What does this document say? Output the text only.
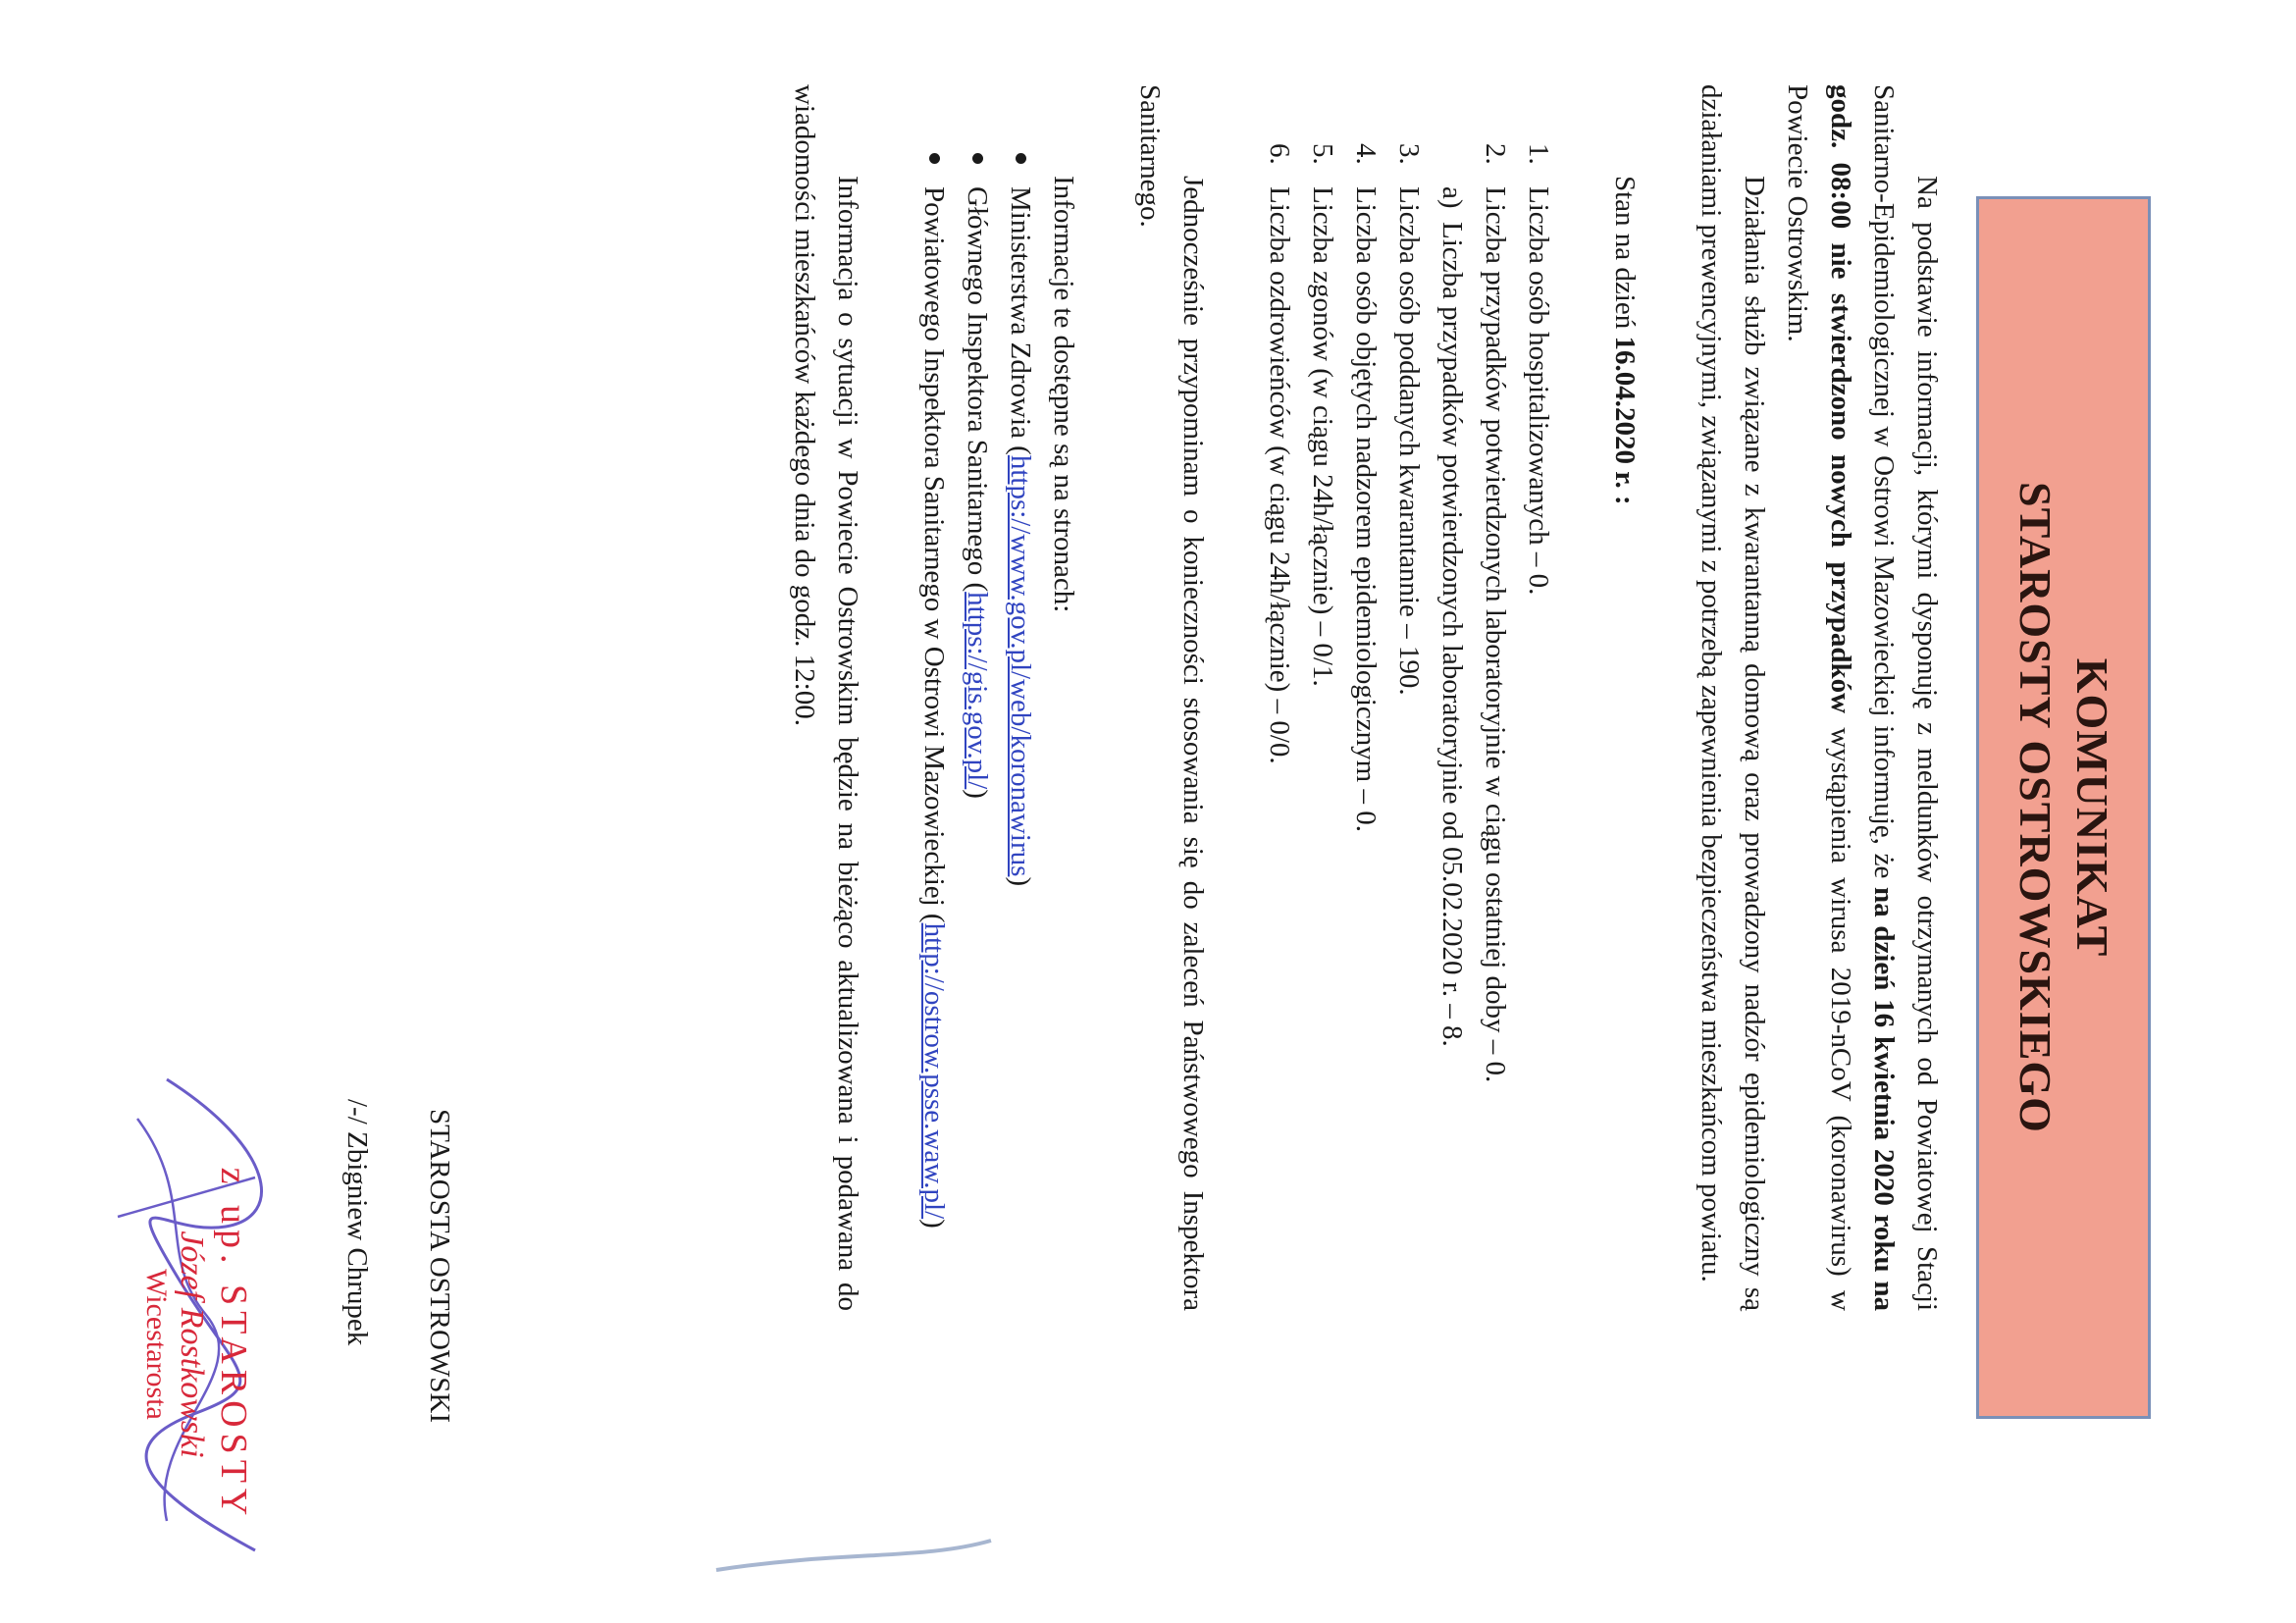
KOMUNIKAT
STAROSTY OSTROWSKIEGO

Na podstawie informacji, którymi dysponuję z meldunków otrzymanych od Powiatowej Stacji Sanitarno-Epidemiologicznej w Ostrowi Mazowieckiej informuję, że na dzień 16 kwietnia 2020 roku na godz. 08:00 nie stwierdzono nowych przypadków wystąpienia wirusa 2019-nCoV (koronawirus) w Powiecie Ostrowskim.

Działania służb związane z kwarantanną domową oraz prowadzony nadzór epidemiologiczny są działaniami prewencyjnymi, związanymi z potrzebą zapewnienia bezpieczeństwa mieszkańcom powiatu.

Stan na dzień 16.04.2020 r. :

1.
Liczba osób hospitalizowanych – 0.
2.
Liczba przypadków potwierdzonych laboratoryjnie w ciągu ostatniej doby – 0.
a)
Liczba przypadków potwierdzonych laboratoryjnie od 05.02.2020 r. – 8.
3.
Liczba osób poddanych kwarantannie – 190.
4.
Liczba osób objętych nadzorem epidemiologicznym – 0.
5.
Liczba zgonów (w ciągu 24h/łącznie) – 0/1.
6.
Liczba ozdrowieńców (w ciągu 24h/łącznie) – 0/0.

Jednocześnie przypominam o konieczności stosowania się do zaleceń Państwowego Inspektora Sanitarnego.

Informacje te dostępne są na stronach:

Ministerstwa Zdrowia (https://www.gov.pl/web/koronawirus)
Głównego Inspektora Sanitarnego (https://gis.gov.pl/)
Powiatowego Inspektora Sanitarnego w Ostrowi Mazowieckiej (http://ostrow.psse.waw.pl/)

Informacja o sytuacji w Powiecie Ostrowskim będzie na bieżąco aktualizowana i podawana do wiadomości mieszkańców każdego dnia do godz. 12:00.

STAROSTA OSTROWSKI
/-/ Zbigniew Chrupek
z up. STAROSTY
Józef Rostkowski
Wicestarosta
